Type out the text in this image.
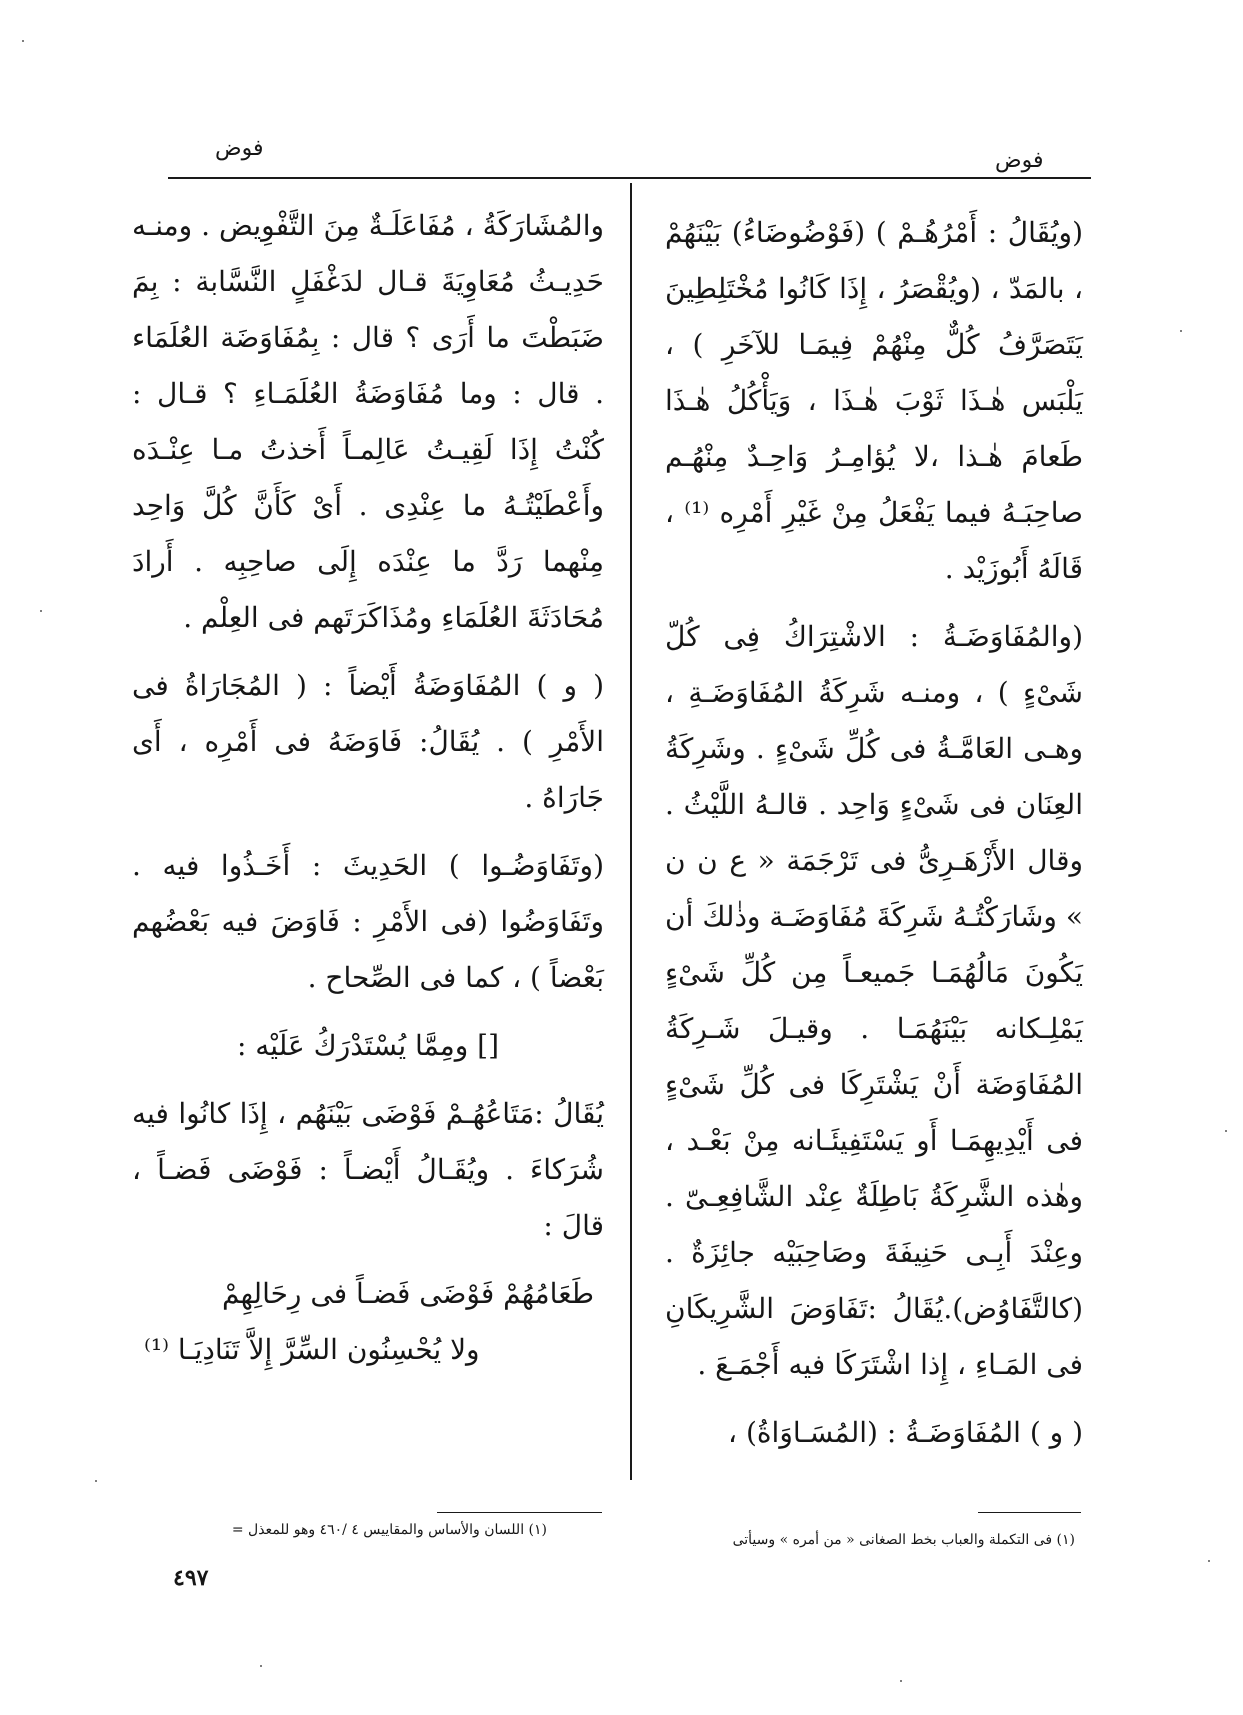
فوض	فوض

(ويُقَالُ : أَمْرُهُـمْ ) (فَوْضُوضَاءُ) بَيْنَهُمْ ، بالمَدّ ، (ويُقْصَرُ ، إِذَا كَانُوا مُخْتَلِطِينَ يَتَصَرَّفُ كُلٌّ مِنْهُمْ فِيمَـا للآخَرِ ) ، يَلْبَس هٰـذَا ثَوْبَ هٰـذَا ، وَيَأْكُلُ هٰـذَا طَعامَ هٰـذا ،لا يُؤامِـرُ وَاحِـدٌ مِنْهُـم صاحِبَـهُ فيما يَفْعَلُ مِنْ غَيْرِ أَمْرِه ⁽¹⁾ ، قَالَهُ أَبُوزَيْد .

(والمُفَاوَضَـةُ : الاشْتِرَاكُ فِى كُلّ شَىْءٍ ) ، ومنـه شَرِكَةُ المُفَاوَضَـةِ ، وهـى العَامَّـةُ فى كُلِّ شَىْءٍ . وشَرِكَةُ العِنَان فى شَىْءٍ وَاحِد . قالـهُ اللَّيْثُ . وقال الأَزْهَـرِىُّ فى تَرْجَمَة « ع ن ن » وشَارَكْتُـهُ شَرِكَةَ مُفَاوَضَـة وذٰلكَ أن يَكُونَ مَالُهُمَـا جَميعـاً مِن كُلِّ شَىْءٍ يَمْلِـكانه بَيْنَهُمَـا . وقيـلَ شَـرِكَةُ المُفَاوَضَة أَنْ يَشْتَرِكَا فى كُلِّ شَىْءٍ فى أَيْدِيهِمَـا أَو يَسْتَفِيئَـانه مِنْ بَعْـد ، وهٰذه الشَّرِكَةُ بَاطِلَةٌ عِنْد الشَّافِعِـىّ . وعِنْدَ أَبِـى حَنِيفَةَ وصَاحِبَيْه جائِزَةٌ . (كالتَّفَاوُض).يُقَالُ :تَفَاوَضَ الشَّرِيكَانِ فى المَـاءِ ، إِذا اشْتَرَكَا فيه أَجْمَـعَ .

( و ) المُفَاوَضَـةُ : (المُسَـاوَاةُ) ،

والمُشَارَكَةُ ، مُفَاعَلَـةٌ مِنَ التَّفْوِيض . ومنـه حَدِيـثُ مُعَاوِيَةَ قـال لدَغْفَلٍ النَّسَّابة : بِمَ ضَبَطْتَ ما أَرَى ؟ قال : بِمُفَاوَضَة العُلَمَاء . قال : وما مُفَاوَضَةُ العُلَمَـاءِ ؟ قـال : كُنْتُ إِذَا لَقِيـتُ عَالِمـاً أَخذتُ مـا عِنْـدَه وأَعْطَيْتُـهُ ما عِنْدِى . أَىْ كَأَنَّ كُلَّ وَاحِد مِنْهما رَدَّ ما عِنْدَه إِلَى صاحِبِه . أَرادَ مُحَادَثَةَ العُلَمَاءِ ومُذَاكَرَتَهم فى العِلْم .

( و ) المُفَاوَضَةُ أَيْضاً : ( المُجَارَاةُ فى الأَمْرِ ) . يُقَالُ: فَاوَضَهُ فى أَمْرِه ، أَى جَارَاهُ .

(وتَفَاوَضُـوا ) الحَدِيثَ : أَخَـذُوا فيه . وتَفَاوَضُوا (فى الأَمْرِ : فَاوَضَ فيه بَعْضُهم بَعْضاً ) ، كما فى الصِّحاح .

[] ومِمَّا يُسْتَدْرَكُ عَلَيْه :

يُقَالُ :مَتَاعُهُـمْ فَوْضَى بَيْنَهُم ، إِذَا كانُوا فيه شُرَكاءَ . ويُقَـالُ أَيْضـاً : فَوْضَى فَضـاً ، قالَ :

طَعَامُهُمْ فَوْضَى فَضـاً فى رِحَالِهِمْ
ولا يُحْسِنُون السِّرَّ إِلاَّ تَنَادِيَـا ⁽¹⁾
(١) فى التكملة والعباب بخط الصغانى « من أمره » وسيأتى
(١) اللسان والأساس والمقاييس ٤ /٤٦٠ وهو للمعذل =
٤٩٧
